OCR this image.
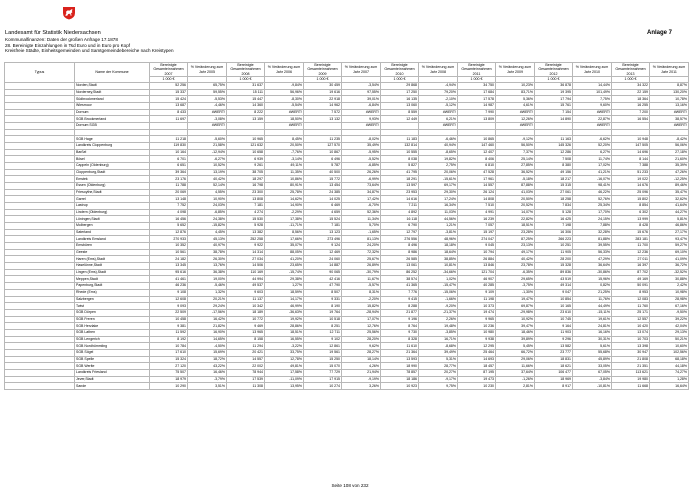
Anlage 7
Landesamt für Statistik Niedersachsen
Kommunalfinanzen: Daten der großen Anfrage 17.1878
28. Bereinigte Einzahlungen in Tsd Euro und in Euro pro Kopf
Kreisfreie Städte, Einheitsgemeinden und Samtgemeindebereiche nach Kreistypen
Typus	Name der Kommune	Bereinigte Gesamteinnahmen 2007	% Veränderung zum Jahr 2005	Bereinigte Gesamteinnahmen 2008	% Veränderung zum Jahr 2006	Bereinigte Gesamteinnahmen 2009	% Veränderung zum Jahr 2007	Bereinigte Gesamteinnahmen 2010	% Veränderung zum Jahr 2008	Bereinigte Gesamteinnahmen 2011	% Veränderung zum Jahr 2009	Bereinigte Gesamteinnahmen 2012	% Veränderung zum Jahr 2010	Bereinigte Gesamteinnahmen 2013	% Veränderung zum Jahr 2011
		1 000 €		1 000 €		1 000 €		1 000 €		1 000 €		1 000 €		1 000 €	
	Norden,Stadt	52 256	65,75%	31 637	-9,84%	30 459	-3,54%	29 868	-4,94%	34 750	10,23%	36 878	14,44%	34 322	8,87%
	Norderney,Stadt	15 337	59,55%	15 111	56,96%	19 616	97,55%	17 250	79,20%	17 684	83,71%	19 395	101,49%	22 159	130,20%
	Südbrookmerland	15 424	-5,53%	15 447	-8,30%	22 918	39,01%	16 135	-2,10%	17 578	5,36%	17 794	7,75%	18 364	10,78%
	Wiesmoor	13 687	-4,46%	14 360	-5,54%	14 962	-6,84%	13 060	-5,12%	14 987	4,61%	15 761	9,60%	16 255	13,16%
	Dornum	8 433	#WERT!	8 222	#WERT!	7 572	#WERT!	8 559	#WERT!	7 990	#WERT!	7 154	#WERT!	7 200	#WERT!
	SGB Brookmerland	11 697	-3,08%	13 159	18,50%	13 132	9,93%	12 449	6,21%	13 809	12,26%	14 890	22,87%	16 554	38,57%
	Dornum SGB		#WERT!		#WERT!		#WERT!		#WERT!		#WERT!		#WERT!		#WERT!

	SGB Hage	11 218	-5,60%	10 965	8,45%	11 235	-8,02%	11 183	-6,46%	10 865	-9,12%	11 163	-6,62%	10 948	-8,42%
	Landkreis Cloppenburg	119 830	21,58%	121 632	20,50%	127 570	35,49%	132 814	40,94%	147 460	56,50%	145 326	52,20%	147 505	56,06%
	Barßel	10 164	-12,94%	10 658	-7,76%	10 867	-5,95%	10 555	-8,65%	12 407	7,37%	12 286	6,27%	14 696	27,18%
	Bösel	6 701	-6,27%	6 939	-3,14%	6 496	-5,52%	8 038	19,82%	8 406	25,14%	7 508	11,74%	8 144	21,60%
	Cappeln (Oldenburg)	6 651	10,52%	9 261	49,11%	5 787	-6,85%	5 827	2,75%	6 810	27,85%	8 380	17,02%	7 388	35,39%
	Cloppenburg,Stadt	39 364	13,19%	38 705	11,35%	40 500	26,26%	41 795	20,06%	47 528	36,52%	49 156	41,21%	51 233	47,26%
	Emstek	23 176	40,42%	18 297	10,86%	15 772	-6,99%	18 291	-15,61%	17 961	-5,18%	18 217	-16,07%	19 022	-12,25%
	Essen (Oldenburg)	11 788	52,14%	16 798	80,91%	13 454	73,64%	13 597	69,17%	14 557	87,88%	15 315	98,41%	14 676	89,46%
	Friesoythe,Stadt	20 069	4,55%	23 300	25,78%	24 385	34,87%	23 953	29,30%	26 124	41,03%	27 061	46,22%	25 096	35,47%
	Garrel	13 148	10,90%	13 808	14,62%	14 025	17,42%	14 616	17,24%	14 808	20,50%	18 258	52,76%	15 802	32,62%
	Lastrup	7 752	24,03%	7 181	14,90%	6 469	-6,70%	7 211	16,34%	7 510	20,52%	7 834	25,34%	8 854	41,64%
	Lindern (Oldenburg)	4 098	-6,85%	4 274	-2,29%	4 659	52,36%	4 892	11,03%	4 991	14,07%	5 128	17,70%	6 302	44,27%
	Löningen,Stadt	16 456	24,38%	15 530	17,38%	15 524	11,34%	16 118	44,56%	16 239	22,82%	16 425	24,15%	13 999	5,81%
	Molbergen	5 652	-15,82%	5 928	-11,71%	7 181	5,70%	6 790	1,21%	7 057	18,51%	7 198	7,88%	8 428	46,86%
	Saterland	12 876	4,45%	13 382	8,56%	13 123	-1,65%	12 797	-3,81%	15 197	23,28%	16 306	32,28%	15 676	27,17%
	Landkreis Emsland	270 933	45,13%	252 258	17,66%	273 496	81,13%	276 556	48,96%	274 047	87,25%	266 223	81,88%	283 181	93,47%
	Emsbüren	10 352	40,97%	9 922	35,07%	9 124	24,20%	8 496	18,18%	9 045	23,13%	10 251	39,55%	11 700	59,27%
	Geeste	10 561	38,78%	14 314	88,05%	12 469	72,32%	8 986	18,64%	10 794	49,17%	11 905	56,33%	12 236	69,10%
	Haren (Ems),Stadt	24 182	26,30%	27 034	41,20%	24 060	25,67%	26 585	38,85%	26 884	40,42%	28 200	47,29%	27 011	41,09%
	Haselünne,Stadt	13 345	13,76%	14 506	23,65%	14 887	26,89%	13 061	10,81%	13 846	23,78%	15 328	36,64%	16 397	36,72%
	Lingen (Ems),Stadt	95 616	36,38%	110 169	-15,74%	90 065	-30,79%	86 252	-34,66%	121 704	-6,35%	89 836	-30,86%	87 702	-32,52%
	Meppen,Stadt	41 461	19,00%	44 994	29,38%	42 416	11,67%	38 574	1,02%	46 907	29,65%	43 519	15,96%	49 169	30,88%
	Papenburg,Stadt	46 236	-5,46%	49 537	1,27%	47 790	-5,57%	41 365	-15,47%	40 285	-3,75%	49 314	0,82%	50 091	2,42%
	Rhede (Ems)	9 108	1,32%	9 603	18,59%	8 507	8,31%	7 776	-15,06%	9 109	-1,30%	9 047	21,25%	8 953	10,98%
	Salzbergen	12 608	20,21%	11 137	14,17%	9 331	-2,20%	9 415	-1,66%	11 198	19,47%	10 854	11,76%	12 083	28,98%
	Twist	9 093	29,24%	10 342	46,99%	8 190	15,82%	8 288	-9,20%	10 373	69,87%	10 165	44,49%	11 760	67,16%
	SGB Dörpen	22 509	-17,56%	18 189	-36,63%	19 764	-28,94%	21 877	-21,37%	19 474	-29,98%	23 610	-15,11%	25 171	-9,50%
	SGB Freren	10 458	16,42%	10 772	19,92%	10 518	17,07%	9 196	2,26%	9 965	10,92%	10 745	19,61%	12 557	39,22%
	SGB Herzlake	9 381	21,82%	9 469	28,86%	8 251	12,76%	8 764	19,48%	10 236	39,47%	9 164	24,81%	10 420	42,04%
	SGB Lathen	11 592	16,90%	13 965	18,51%	12 711	25,56%	9 730	-3,85%	10 980	18,46%	11 903	16,16%	13 074	29,13%
	SGB Lengerich	8 192	14,65%	8 158	16,55%	9 102	28,20%	8 328	16,71%	9 938	39,89%	9 296	30,31%	10 703	50,21%
	SGB Nordhümmling	10 784	-4,50%	11 294	-3,22%	12 861	9,62%	11 610	-8,68%	12 295	5,45%	13 582	5,61%	13 398	10,60%
	SGB Sögel	17 610	15,69%	20 421	33,75%	19 561	28,27%	21 364	39,49%	25 464	66,72%	23 777	55,68%	30 947	102,56%
	SGB Spelle	15 324	18,72%	14 557	12,78%	15 250	18,14%	13 593	5,31%	14 693	29,06%	18 831	45,89%	21 808	68,18%
	SGB Werlte	27 120	43,22%	22 002	49,81%	15 070	4,26%	18 990	28,77%	18 457	11,66%	18 621	33,05%	21 351	44,18%
	Landkreis Friesland	75 507	16,46%	78 944	17,58%	77 729	21,94%	78 857	20,27%	87 195	37,64%	106 477	67,05%	113 621	74,27%
	Jever,Stadt	18 979	-3,79%	17 539	-11,09%	17 915	-9,19%	18 186	-9,17%	19 473	-1,26%	18 969	-3,84%	19 980	1,28%
	Sande	10 290	3,51%	11 308	13,95%	10 274	3,26%	10 923	9,75%	10 230	2,81%	8 917	-10,81%	11 668	16,64%
Seite 108 von 232
